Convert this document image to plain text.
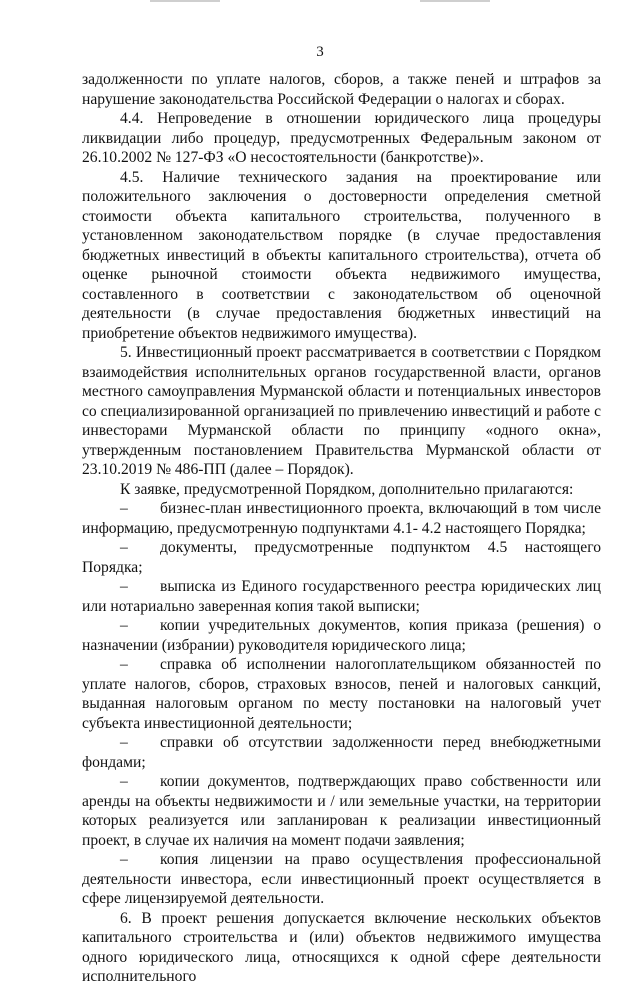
3

задолженности по уплате налогов, сборов, а также пеней и штрафов за нарушение законодательства Российской Федерации о налогах и сборах.

4.4. Непроведение в отношении юридического лица процедуры ликвидации либо процедур, предусмотренных Федеральным законом от 26.10.2002 № 127-ФЗ «О несостоятельности (банкротстве)».

4.5. Наличие технического задания на проектирование или положительного заключения о достоверности определения сметной стоимости объекта капитального строительства, полученного в установленном законодательством порядке (в случае предоставления бюджетных инвестиций в объекты капитального строительства), отчета об оценке рыночной стоимости объекта недвижимого имущества, составленного в соответствии с законодательством об оценочной деятельности (в случае предоставления бюджетных инвестиций на приобретение объектов недвижимого имущества).

5. Инвестиционный проект рассматривается в соответствии с Порядком взаимодействия исполнительных органов государственной власти, органов местного самоуправления Мурманской области и потенциальных инвесторов со специализированной организацией по привлечению инвестиций и работе с инвесторами Мурманской области по принципу «одного окна», утвержденным постановлением Правительства Мурманской области от 23.10.2019 № 486-ПП (далее – Порядок).

К заявке, предусмотренной Порядком, дополнительно прилагаются:

– бизнес-план инвестиционного проекта, включающий в том числе информацию, предусмотренную подпунктами 4.1- 4.2 настоящего Порядка;

– документы, предусмотренные подпунктом 4.5 настоящего Порядка;

– выписка из Единого государственного реестра юридических лиц или нотариально заверенная копия такой выписки;

– копии учредительных документов, копия приказа (решения) о назначении (избрании) руководителя юридического лица;

– справка об исполнении налогоплательщиком обязанностей по уплате налогов, сборов, страховых взносов, пеней и налоговых санкций, выданная налоговым органом по месту постановки на налоговый учет субъекта инвестиционной деятельности;

– справки об отсутствии задолженности перед внебюджетными фондами;

– копии документов, подтверждающих право собственности или аренды на объекты недвижимости и / или земельные участки, на территории которых реализуется или запланирован к реализации инвестиционный проект, в случае их наличия на момент подачи заявления;

– копия лицензии на право осуществления профессиональной деятельности инвестора, если инвестиционный проект осуществляется в сфере лицензируемой деятельности.

6. В проект решения допускается включение нескольких объектов капитального строительства и (или) объектов недвижимого имущества одного юридического лица, относящихся к одной сфере деятельности исполнительного
